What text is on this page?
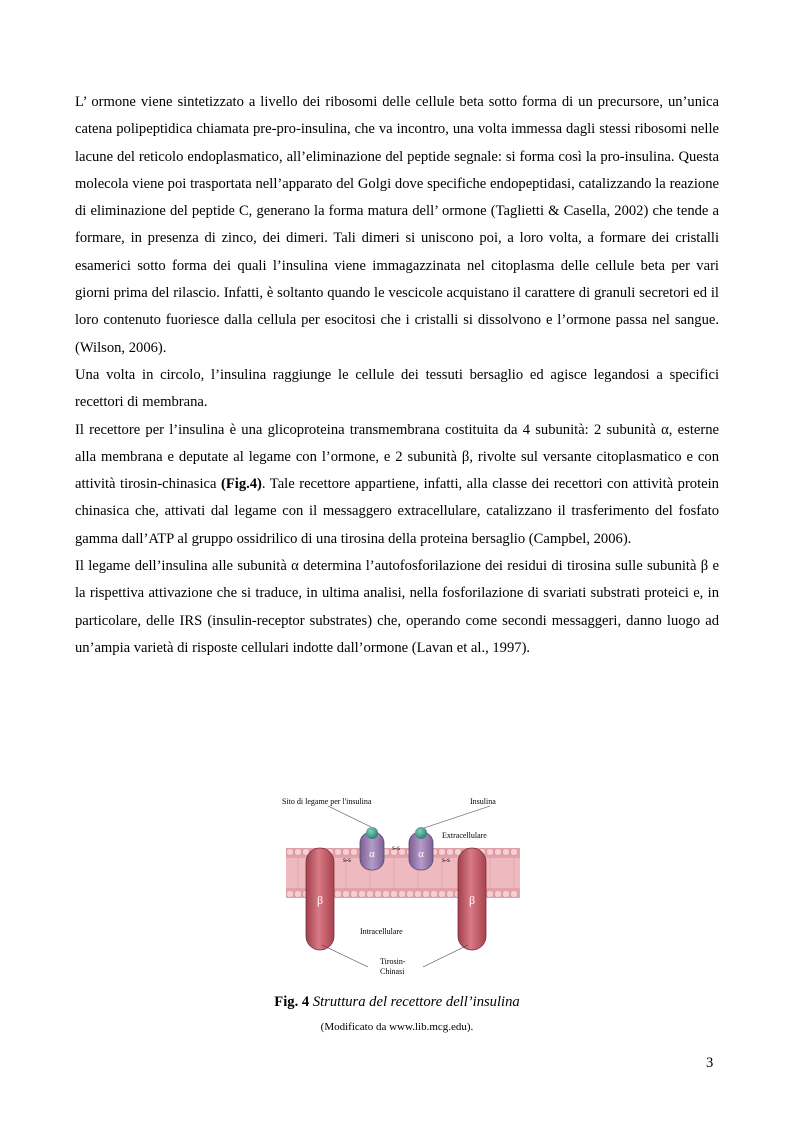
L’ ormone viene sintetizzato a livello dei ribosomi delle cellule beta sotto forma di un precursore, un’unica catena polipeptidica chiamata pre-pro-insulina, che va incontro, una volta immessa dagli stessi ribosomi nelle lacune del reticolo endoplasmatico, all’eliminazione del peptide segnale: si forma così la pro-insulina. Questa molecola viene poi trasportata nell’apparato del Golgi dove specifiche endopeptidasi, catalizzando la reazione di eliminazione del peptide C, generano la forma matura dell’ ormone (Taglietti & Casella, 2002) che tende a formare, in presenza di zinco, dei dimeri. Tali dimeri si uniscono poi, a loro volta, a formare dei cristalli esamerici sotto forma dei quali l’insulina viene immagazzinata nel citoplasma delle cellule beta per vari giorni prima del rilascio. Infatti, è soltanto quando le vescicole acquistano il carattere di granuli secretori ed il loro contenuto fuoriesce dalla cellula per esocitosi che i cristalli si dissolvono e l’ormone passa nel sangue.(Wilson, 2006).

Una volta in circolo, l’insulina raggiunge le cellule dei tessuti bersaglio ed agisce legandosi a specifici recettori di membrana.

Il recettore per l’insulina è una glicoproteina transmembrana costituita da 4 subunità: 2 subunità α, esterne alla membrana e deputate al legame con l’ormone, e 2 subunità β, rivolte sul versante citoplasmatico e con attività tirosin-chinasica (Fig.4). Tale recettore appartiene, infatti, alla classe dei recettori con attività protein chinasica che, attivati dal legame con il messaggero extracellulare, catalizzano il trasferimento del fosfato gamma dall’ATP al gruppo ossidrilico di una tirosina della proteina bersaglio (Campbel, 2006).

Il legame dell’insulina alle subunità α determina l’autofosforilazione dei residui di tirosina sulle subunità β e la rispettiva attivazione che si traduce, in ultima analisi, nella fosforilazione di svariati substrati proteici e, in particolare, delle IRS (insulin-receptor substrates) che, operando come secondi messaggeri, danno luogo ad un’ampia varietà di risposte cellulari indotte dall’ormone (Lavan et al., 1997).

s-s
s-s
s-s
α	α
β	β
Sito di legame per l'insulina	Insulina
Extracellulare
Intracellulare
Tirosin-
Chinasi
Fig. 4 Struttura del recettore dell’insulina
(Modificato da www.lib.mcg.edu).
3
